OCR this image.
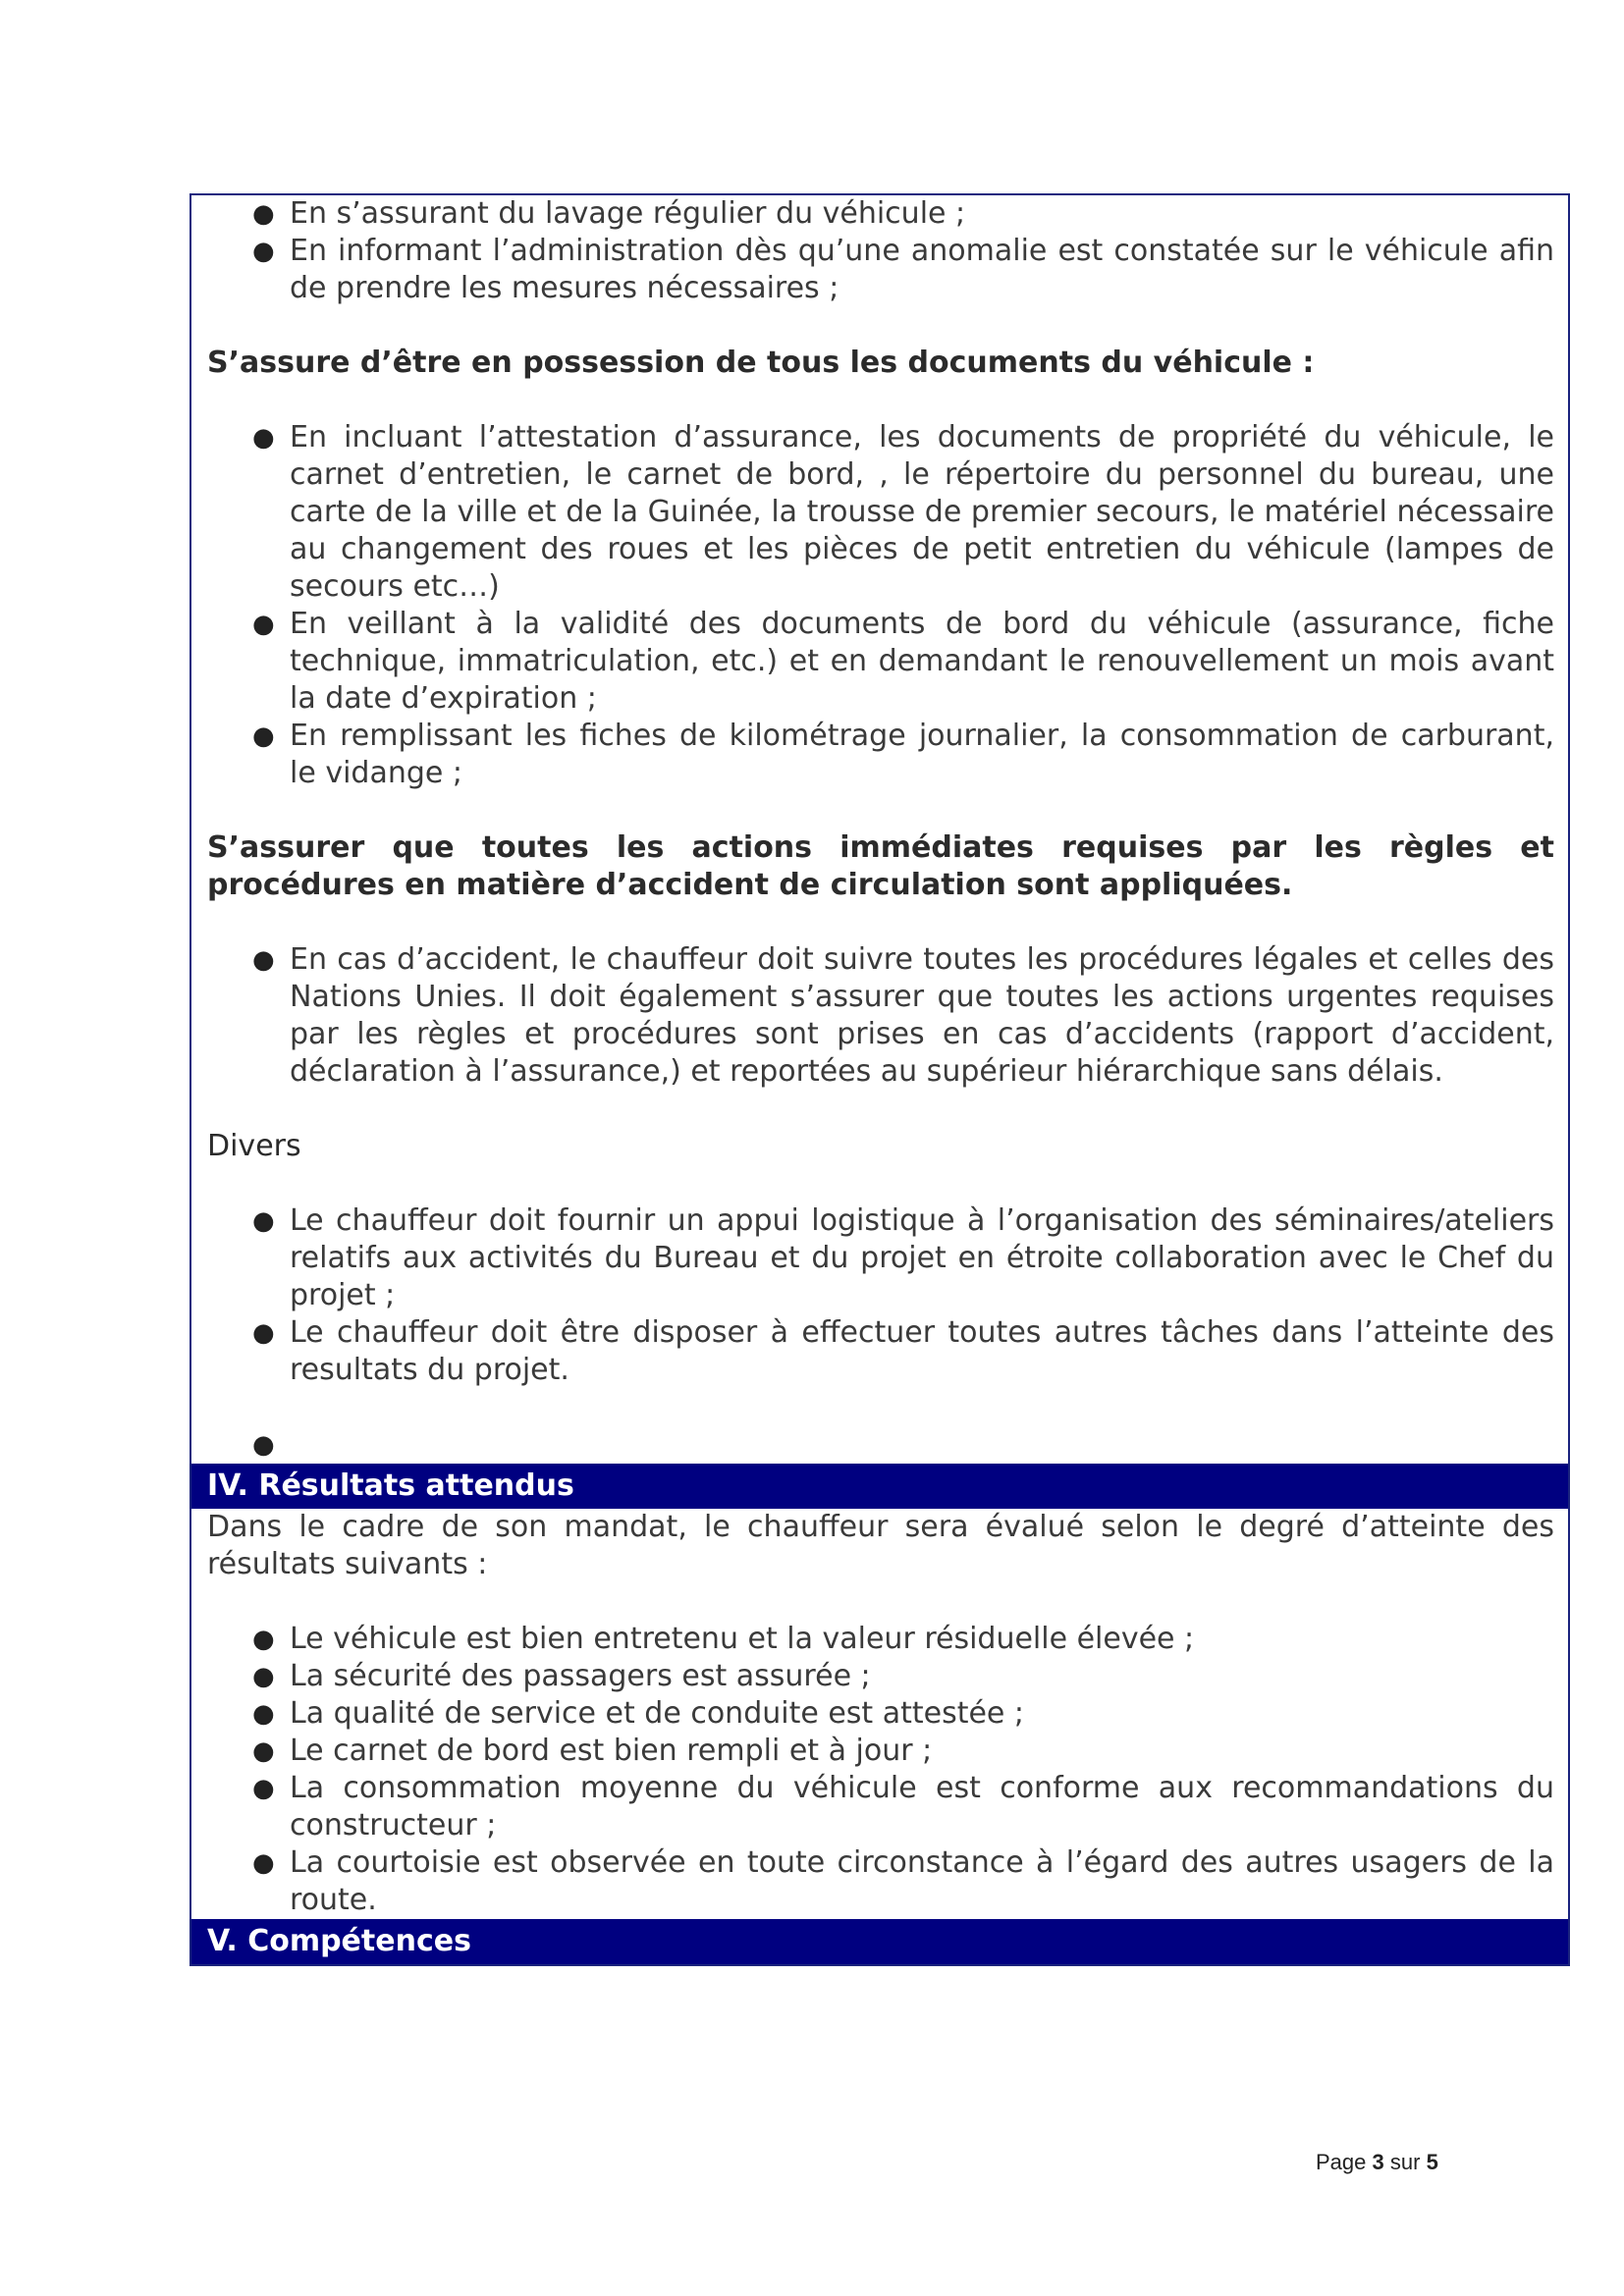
● En s’assurant du lavage régulier du véhicule ;
● En informant l’administration dès qu’une anomalie est constatée sur le véhicule afin de prendre les mesures nécessaires ;

S’assure d’être en possession de tous les documents du véhicule :

● En incluant l’attestation d’assurance, les documents de propriété du véhicule, le carnet d’entretien, le carnet de bord, , le répertoire du personnel du bureau, une carte de la ville et de la Guinée, la trousse de premier secours, le matériel nécessaire au changement des roues et les pièces de petit entretien du véhicule (lampes de secours etc…)
● En veillant à la validité des documents de bord du véhicule (assurance, fiche technique, immatriculation, etc.) et en demandant le renouvellement un mois avant la date d’expiration ;
● En remplissant les fiches de kilométrage journalier, la consommation de carburant, le vidange ;

S’assurer que toutes les actions immédiates requises par les règles et procédures en matière d’accident de circulation sont appliquées.

● En cas d’accident, le chauffeur doit suivre toutes les procédures légales et celles des Nations Unies. Il doit également s’assurer que toutes les actions urgentes requises par les règles et procédures sont prises en cas d’accidents (rapport d’accident, déclaration à l’assurance,) et reportées au supérieur hiérarchique sans délais.

Divers

● Le chauffeur doit fournir un appui logistique à l’organisation des séminaires/ateliers relatifs aux activités du Bureau et du projet en étroite collaboration avec le Chef du projet ;
● Le chauffeur doit être disposer à effectuer toutes autres tâches dans l’atteinte des resultats du projet.
●

IV. Résultats attendus

Dans le cadre de son mandat, le chauffeur sera évalué selon le degré d’atteinte des résultats suivants :

● Le véhicule est bien entretenu et la valeur résiduelle élevée ;
● La sécurité des passagers est assurée ;
● La qualité de service et de conduite est attestée ;
● Le carnet de bord est bien rempli et à jour ;
● La consommation moyenne du véhicule est conforme aux recommandations du constructeur ;
● La courtoisie est observée en toute circonstance à l’égard des autres usagers de la route.
V. Compétences
Page 3 sur 5
